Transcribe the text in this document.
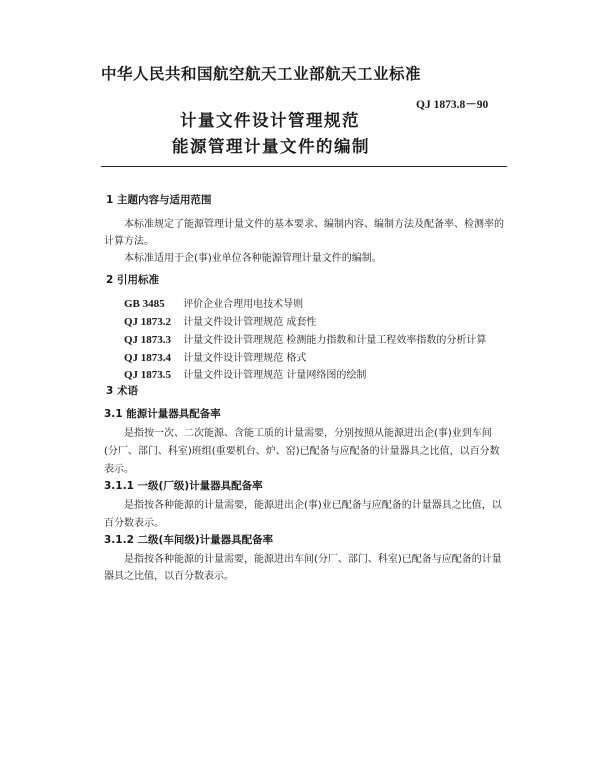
中华人民共和国航空航天工业部航天工业标准
QJ 1873.8－90
计量文件设计管理规范
能源管理计量文件的编制
1 主题内容与适用范围
本标准规定了能源管理计量文件的基本要求、编制内容、编制方法及配备率、检测率的
计算方法。
本标准适用于企(事)业单位各种能源管理计量文件的编制。
2 引用标准
GB 3485 评价企业合理用电技术导则
QJ 1873.2 计量文件设计管理规范 成套性
QJ 1873.3 计量文件设计管理规范 检测能力指数和计量工程效率指数的分析计算
QJ 1873.4 计量文件设计管理规范 格式
QJ 1873.5 计量文件设计管理规范 计量网络图的绘制
3 术语
3.1 能源计量器具配备率
是指按一次、二次能源、含能工质的计量需要，分别按照从能源进出企(事)业到车间
(分厂、部门、科室)班组(重要机台、炉、窑)已配备与应配备的计量器具之比值，以百分数
表示。
3.1.1 一级(厂级)计量器具配备率
是指按各种能源的计量需要，能源进出企(事)业已配备与应配备的计量器具之比值，以
百分数表示。
3.1.2 二级(车间级)计量器具配备率
是指按各种能源的计量需要，能源进出车间(分厂、部门、科室)已配备与应配备的计量
器具之比值，以百分数表示。
